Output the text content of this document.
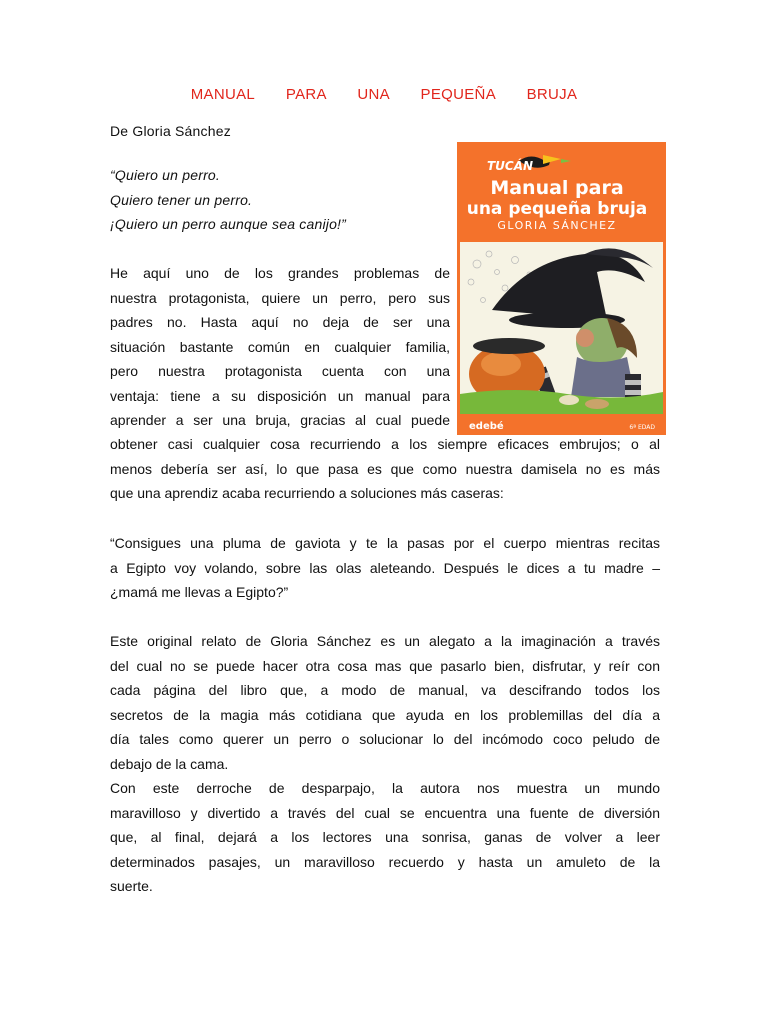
MANUAL   PARA   UNA   PEQUEÑA   BRUJA
De Gloria Sánchez
“Quiero un perro.
Quiero tener un perro.
¡Quiero un perro aunque sea canijo!”
He aquí uno de los grandes problemas de
nuestra protagonista, quiere un perro, pero sus
padres no. Hasta aquí no deja de ser una
situación bastante común en cualquier familia,
pero nuestra protagonista cuenta con una
ventaja: tiene a su disposición un manual para
aprender a ser una bruja, gracias al cual puede
obtener casi cualquier cosa recurriendo a los siempre eficaces embrujos; o al
menos debería ser así, lo que pasa es que como nuestra damisela no es más
que una aprendiz acaba recurriendo a soluciones más caseras:
“Consigues una pluma de gaviota y te la pasas por el cuerpo mientras recitas
a Egipto voy volando, sobre las olas aleteando. Después le dices a tu madre –
¿mamá me llevas a Egipto?”
Este original relato de Gloria Sánchez es un alegato a la imaginación a través
del cual no se puede hacer otra cosa mas que pasarlo bien, disfrutar, y reír con
cada página del libro que, a modo de manual, va descifrando todos los
secretos de la magia más cotidiana que ayuda en los problemillas del día a
día tales como querer un perro o solucionar lo del incómodo coco peludo de
debajo de la cama.
Con este derroche de desparpajo, la autora nos muestra un mundo
maravilloso y divertido a través del cual se encuentra una fuente de diversión
que, al final, dejará a los lectores una sonrisa, ganas de volver a leer
determinados pasajes, un maravilloso recuerdo y hasta un amuleto de la
suerte.
TUCÁN
Manual para
una pequeña bruja
GLORIA SÁNCHEZ
edebé	6ª EDAD
